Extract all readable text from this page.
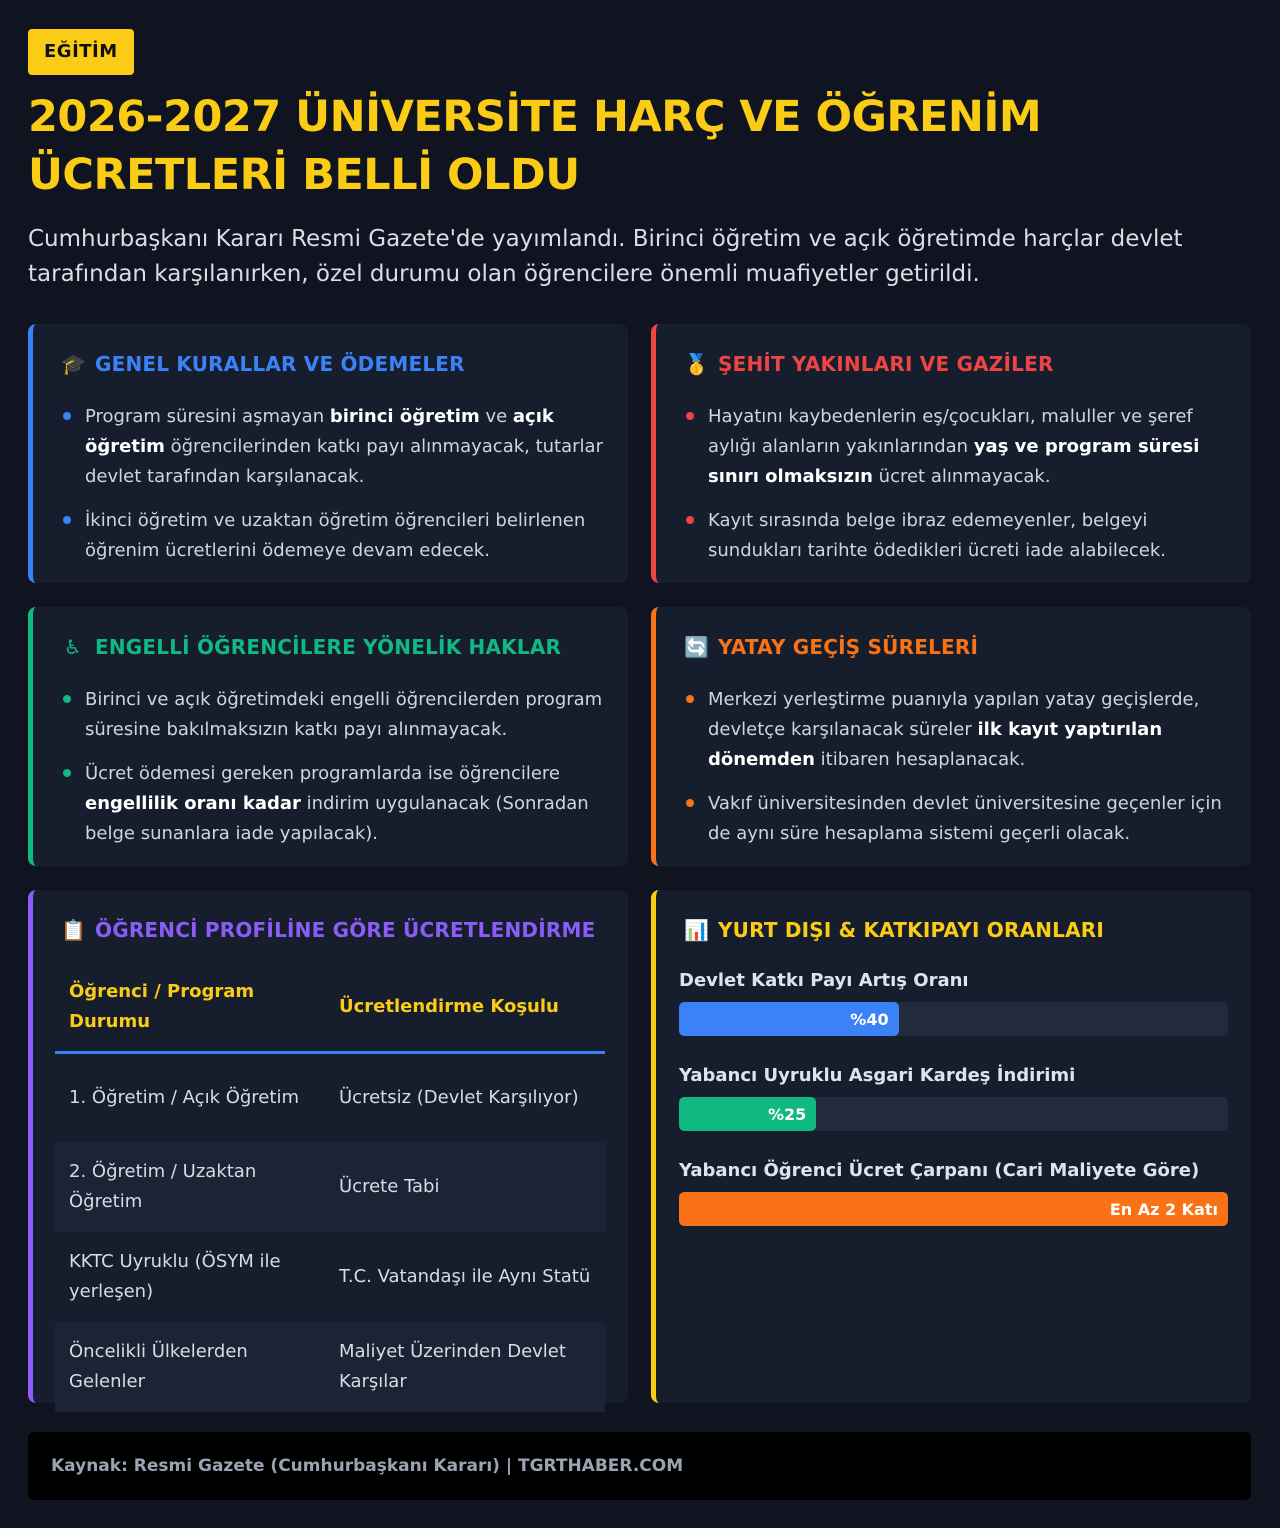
EĞİTİM
2026-2027 ÜNİVERSİTE HARÇ VE ÖĞRENİM ÜCRETLERİ BELLİ OLDU

Cumhurbaşkanı Kararı Resmi Gazete'de yayımlandı. Birinci öğretim ve açık öğretimde harçlar devlet tarafından karşılanırken, özel durumu olan öğrencilere önemli muafiyetler getirildi.

🎓 GENEL KURALLAR VE ÖDEMELER
Program süresini aşmayan birinci öğretim ve açık öğretim öğrencilerinden katkı payı alınmayacak, tutarlar devlet tarafından karşılanacak.
İkinci öğretim ve uzaktan öğretim öğrencileri belirlenen öğrenim ücretlerini ödemeye devam edecek.
🥇 ŞEHİT YAKINLARI VE GAZİLER
Hayatını kaybedenlerin eş/çocukları, maluller ve şeref aylığı alanların yakınlarından yaş ve program süresi sınırı olmaksızın ücret alınmayacak.
Kayıt sırasında belge ibraz edemeyenler, belgeyi sundukları tarihte ödedikleri ücreti iade alabilecek.
♿ ENGELLİ ÖĞRENCİLERE YÖNELİK HAKLAR
Birinci ve açık öğretimdeki engelli öğrencilerden program süresine bakılmaksızın katkı payı alınmayacak.
Ücret ödemesi gereken programlarda ise öğrencilere engellilik oranı kadar indirim uygulanacak (Sonradan belge sunanlara iade yapılacak).
🔄 YATAY GEÇİŞ SÜRELERİ
Merkezi yerleştirme puanıyla yapılan yatay geçişlerde, devletçe karşılanacak süreler ilk kayıt yaptırılan dönemden itibaren hesaplanacak.
Vakıf üniversitesinden devlet üniversitesine geçenler için de aynı süre hesaplama sistemi geçerli olacak.
📋 ÖĞRENCİ PROFİLİNE GÖRE ÜCRETLENDİRME
Öğrenci / Program Durumu	Ücretlendirme Koşulu
1. Öğretim / Açık Öğretim	Ücretsiz (Devlet Karşılıyor)
2. Öğretim / Uzaktan Öğretim	Ücrete Tabi
KKTC Uyruklu (ÖSYM ile yerleşen)	T.C. Vatandaşı ile Aynı Statü
Öncelikli Ülkelerden Gelenler	Maliyet Üzerinden Devlet Karşılar
📊 YURT DIŞI & KATKIPAYI ORANLARI
Devlet Katkı Payı Artış Oranı
%40
Yabancı Uyruklu Asgari Kardeş İndirimi
%25
Yabancı Öğrenci Ücret Çarpanı (Cari Maliyete Göre)
En Az 2 Katı
Kaynak: Resmi Gazete (Cumhurbaşkanı Kararı) | TGRTHABER.COM
